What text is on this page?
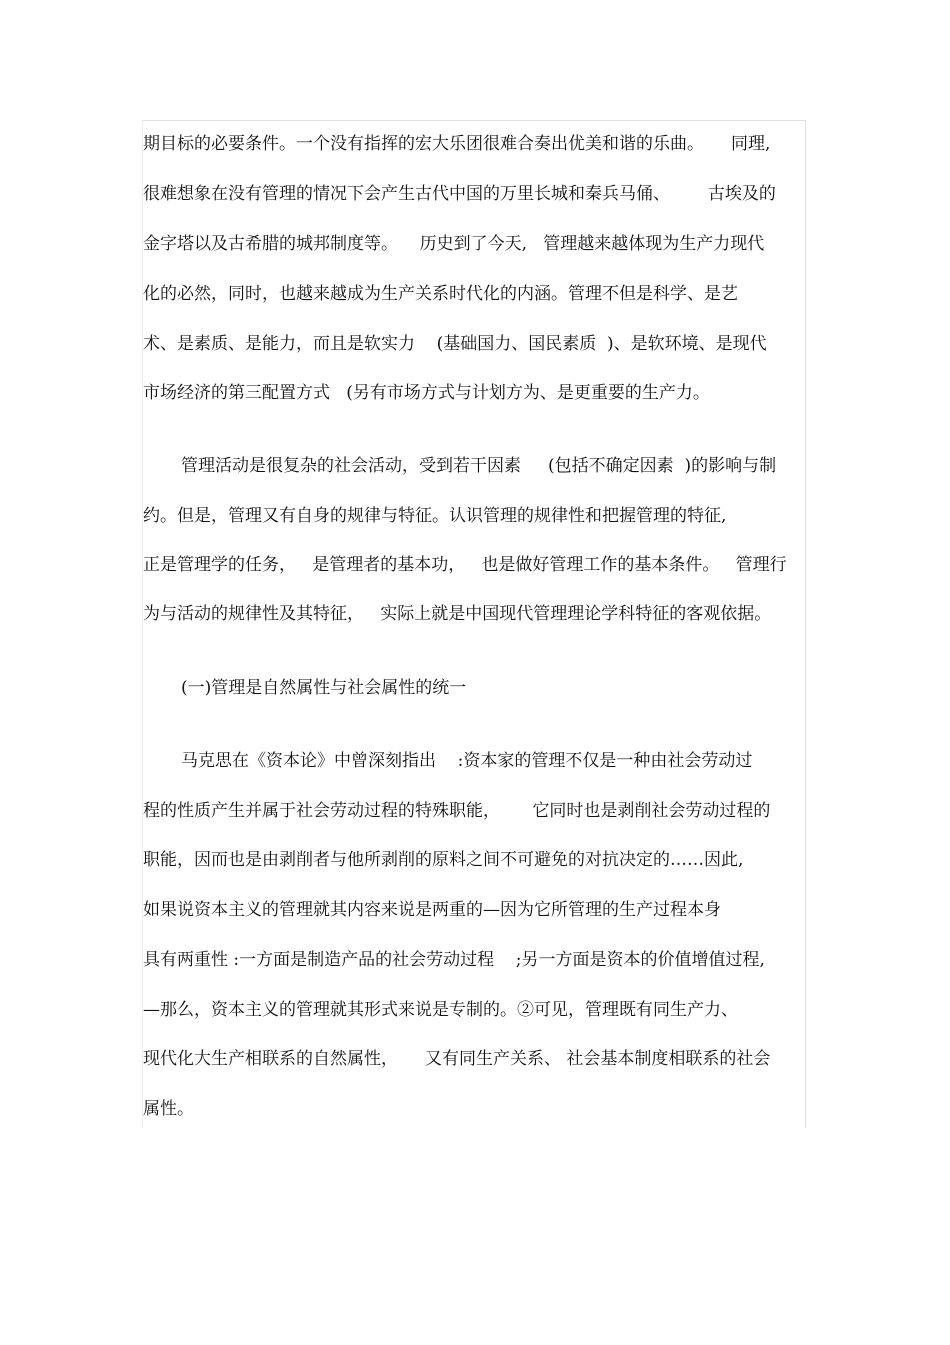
期目标的必要条件。一个没有指挥的宏大乐团很难合奏出优美和谐的乐曲。     同理,
很难想象在没有管理的情况下会产生古代中国的万里长城和秦兵马俑、       古埃及的
金字塔以及古希腊的城邦制度等。    历史到了今天,   管理越来越体现为生产力现代
化的必然，同时，也越来越成为生产关系时代化的内涵。管理不但是科学、是艺
术、是素质、是能力，而且是软实力    (基础国力、国民素质  )、是软环境、是现代
市场经济的第三配置方式   (另有市场方式与计划方为、是更重要的生产力。
管理活动是很复杂的社会活动，受到若干因素     (包括不确定因素  )的影响与制
约。但是，管理又有自身的规律与特征。认识管理的规律性和把握管理的特征,
正是管理学的任务，   是管理者的基本功，   也是做好管理工作的基本条件。   管理行
为与活动的规律性及其特征，   实际上就是中国现代管理理论学科特征的客观依据。
(一)管理是自然属性与社会属性的统一
马克思在《资本论》中曾深刻指出    :资本家的管理不仅是一种由社会劳动过
程的性质产生并属于社会劳动过程的特殊职能，      它同时也是剥削社会劳动过程的
职能，因而也是由剥削者与他所剥削的原料之间不可避免的对抗决定的……因此,
如果说资本主义的管理就其内容来说是两重的—因为它所管理的生产过程本身
具有两重性 :一方面是制造产品的社会劳动过程    ;另一方面是资本的价值增值过程,
—那么，资本主义的管理就其形式来说是专制的。②可见，管理既有同生产力、
现代化大生产相联系的自然属性，     又有同生产关系、 社会基本制度相联系的社会
属性。
